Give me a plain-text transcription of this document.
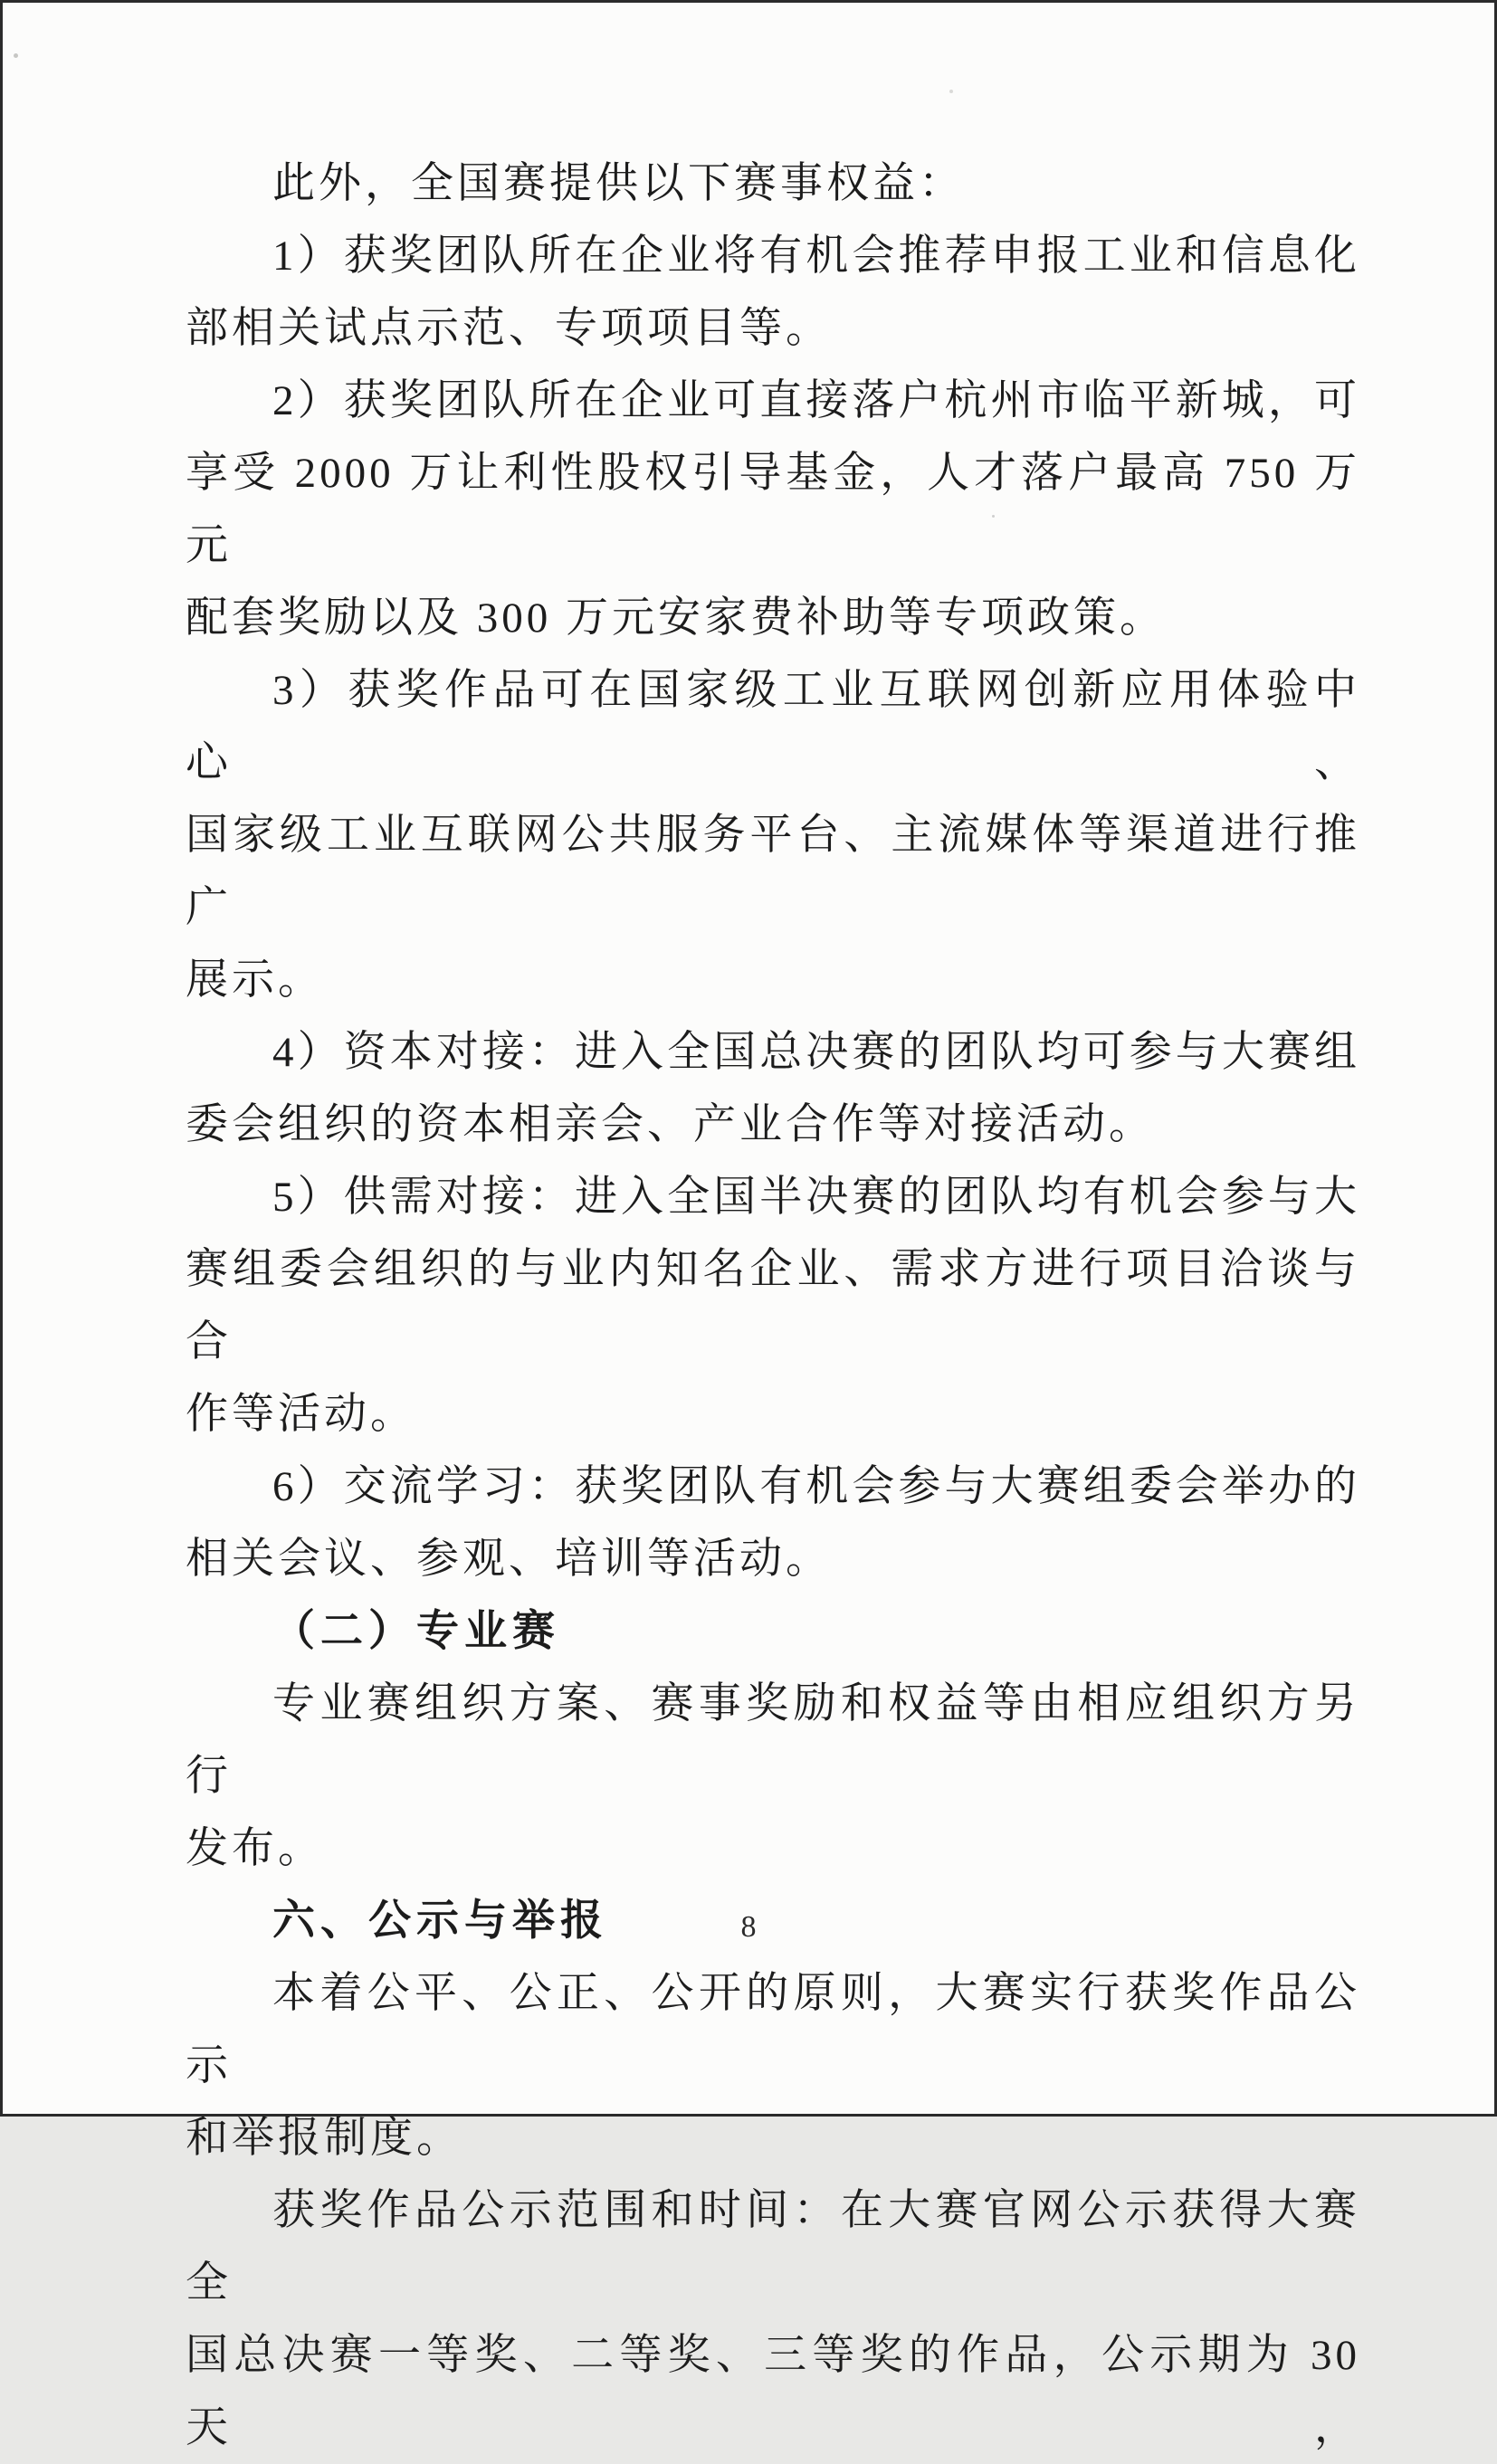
此外，全国赛提供以下赛事权益：
1）获奖团队所在企业将有机会推荐申报工业和信息化
部相关试点示范、专项项目等。
2）获奖团队所在企业可直接落户杭州市临平新城，可
享受 2000 万让利性股权引导基金，人才落户最高 750 万元
配套奖励以及 300 万元安家费补助等专项政策。
3）获奖作品可在国家级工业互联网创新应用体验中心、
国家级工业互联网公共服务平台、主流媒体等渠道进行推广
展示。
4）资本对接：进入全国总决赛的团队均可参与大赛组
委会组织的资本相亲会、产业合作等对接活动。
5）供需对接：进入全国半决赛的团队均有机会参与大
赛组委会组织的与业内知名企业、需求方进行项目洽谈与合
作等活动。
6）交流学习：获奖团队有机会参与大赛组委会举办的
相关会议、参观、培训等活动。
（二）专业赛
专业赛组织方案、赛事奖励和权益等由相应组织方另行
发布。
六、公示与举报
本着公平、公正、公开的原则，大赛实行获奖作品公示
和举报制度。
获奖作品公示范围和时间：在大赛官网公示获得大赛全
国总决赛一等奖、二等奖、三等奖的作品，公示期为 30 天，
8
